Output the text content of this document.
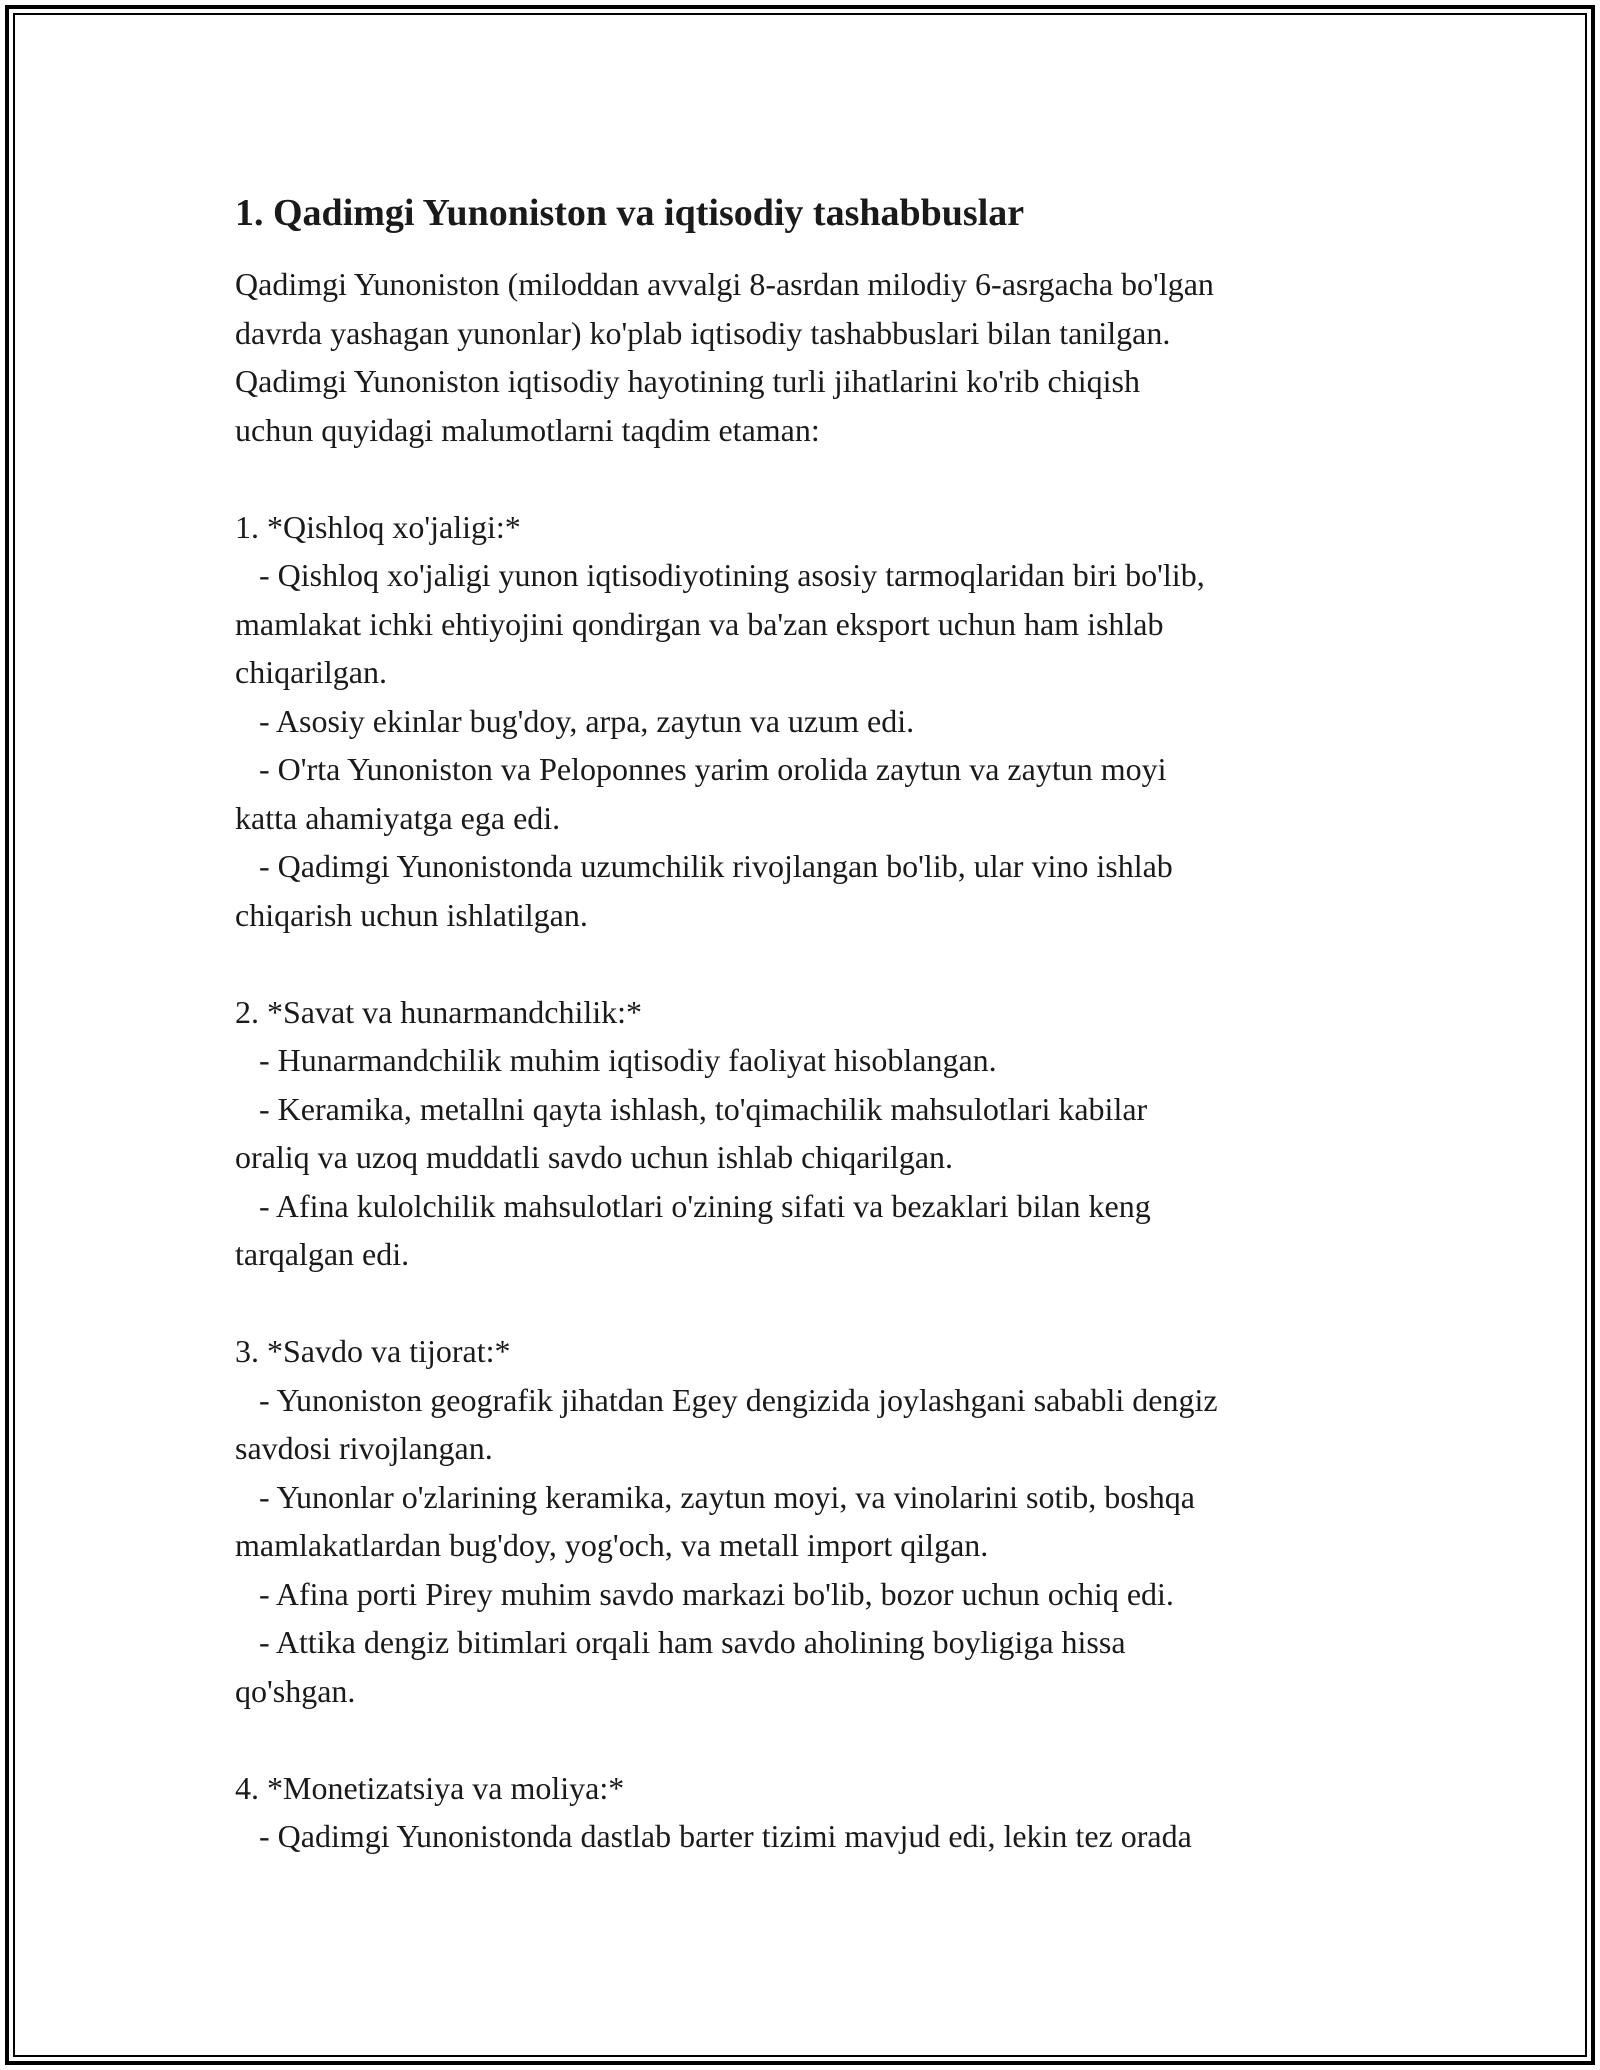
1. Qadimgi Yunoniston va iqtisodiy tashabbuslar

Qadimgi Yunoniston (miloddan avvalgi 8-asrdan milodiy 6-asrgacha bo'lgan
davrda yashagan yunonlar) ko'plab iqtisodiy tashabbuslari bilan tanilgan.
Qadimgi Yunoniston iqtisodiy hayotining turli jihatlarini ko'rib chiqish
uchun quyidagi malumotlarni taqdim etaman:

1. *Qishloq xo'jaligi:*
- Qishloq xo'jaligi yunon iqtisodiyotining asosiy tarmoqlaridan biri bo'lib,
mamlakat ichki ehtiyojini qondirgan va ba'zan eksport uchun ham ishlab
chiqarilgan.
- Asosiy ekinlar bug'doy, arpa, zaytun va uzum edi.
- O'rta Yunoniston va Peloponnes yarim orolida zaytun va zaytun moyi
katta ahamiyatga ega edi.
- Qadimgi Yunonistonda uzumchilik rivojlangan bo'lib, ular vino ishlab
chiqarish uchun ishlatilgan.

2. *Savat va hunarmandchilik:*
- Hunarmandchilik muhim iqtisodiy faoliyat hisoblangan.
- Keramika, metallni qayta ishlash, to'qimachilik mahsulotlari kabilar
oraliq va uzoq muddatli savdo uchun ishlab chiqarilgan.
- Afina kulolchilik mahsulotlari o'zining sifati va bezaklari bilan keng
tarqalgan edi.

3. *Savdo va tijorat:*
- Yunoniston geografik jihatdan Egey dengizida joylashgani sababli dengiz
savdosi rivojlangan.
- Yunonlar o'zlarining keramika, zaytun moyi, va vinolarini sotib, boshqa
mamlakatlardan bug'doy, yog'och, va metall import qilgan.
- Afina porti Pirey muhim savdo markazi bo'lib, bozor uchun ochiq edi.
- Attika dengiz bitimlari orqali ham savdo aholining boyligiga hissa
qo'shgan.

4. *Monetizatsiya va moliya:*
- Qadimgi Yunonistonda dastlab barter tizimi mavjud edi, lekin tez orada
